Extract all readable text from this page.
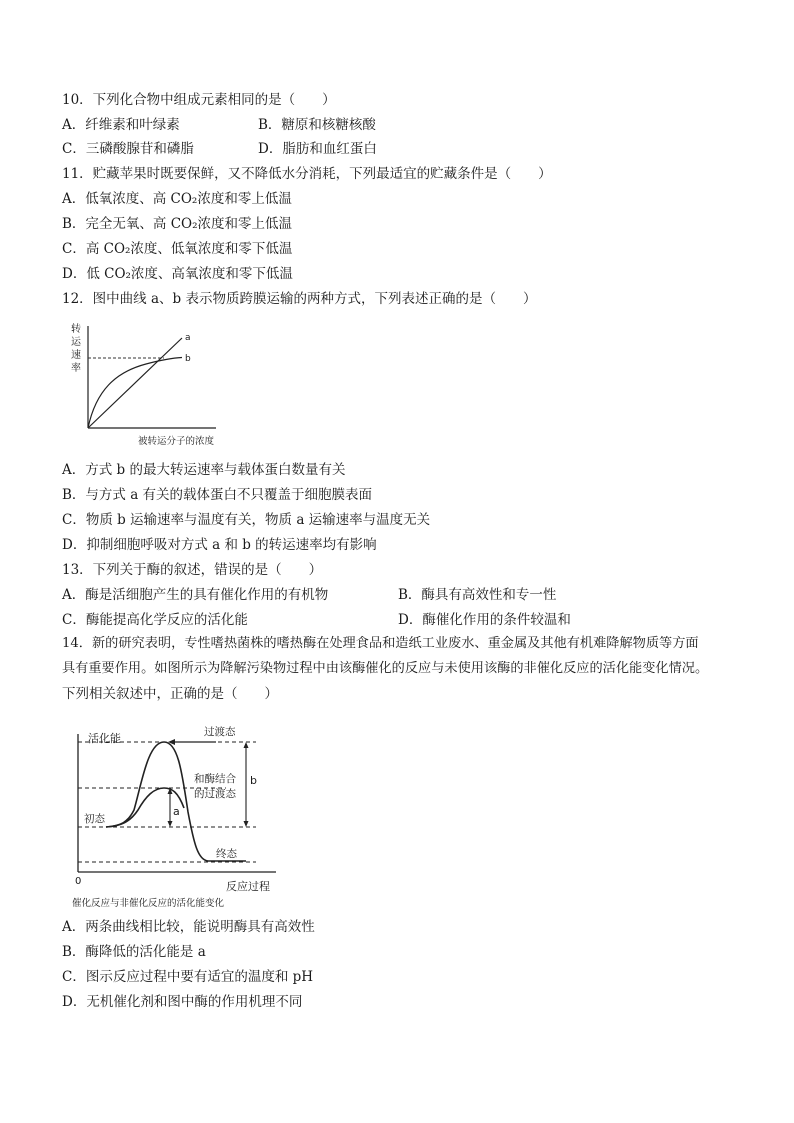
10．下列化合物中组成元素相同的是（　　）
A．纤维素和叶绿素	B．糖原和核糖核酸
C．三磷酸腺苷和磷脂	D．脂肪和血红蛋白
11．贮藏苹果时既要保鲜，又不降低水分消耗，下列最适宜的贮藏条件是（　　）
A．低氧浓度、高 CO₂浓度和零上低温
B．完全无氧、高 CO₂浓度和零上低温
C．高 CO₂浓度、低氧浓度和零下低温
D．低 CO₂浓度、高氧浓度和零下低温
12．图中曲线 a、b 表示物质跨膜运输的两种方式，下列表述正确的是（　　）
转
运
速
率
a
b
被转运分子的浓度
A．方式 b 的最大转运速率与载体蛋白数量有关
B．与方式 a 有关的载体蛋白不只覆盖于细胞膜表面
C．物质 b 运输速率与温度有关，物质 a 运输速率与温度无关
D．抑制细胞呼吸对方式 a 和 b 的转运速率均有影响
13．下列关于酶的叙述，错误的是（　　）
A．酶是活细胞产生的具有催化作用的有机物	B．酶具有高效性和专一性
C．酶能提高化学反应的活化能	D．酶催化作用的条件较温和
14．新的研究表明，专性嗜热菌株的嗜热酶在处理食品和造纸工业废水、重金属及其他有机难降解物质等方面
具有重要作用。如图所示为降解污染物过程中由该酶催化的反应与未使用该酶的非催化反应的活化能变化情况。
下列相关叙述中，正确的是（　　）
活化能
0
a
b
过渡态
和酶结合
的过渡态
初态
终态
反应过程
催化反应与非催化反应的活化能变化
A．两条曲线相比较，能说明酶具有高效性
B．酶降低的活化能是 a
C．图示反应过程中要有适宜的温度和 pH
D．无机催化剂和图中酶的作用机理不同
